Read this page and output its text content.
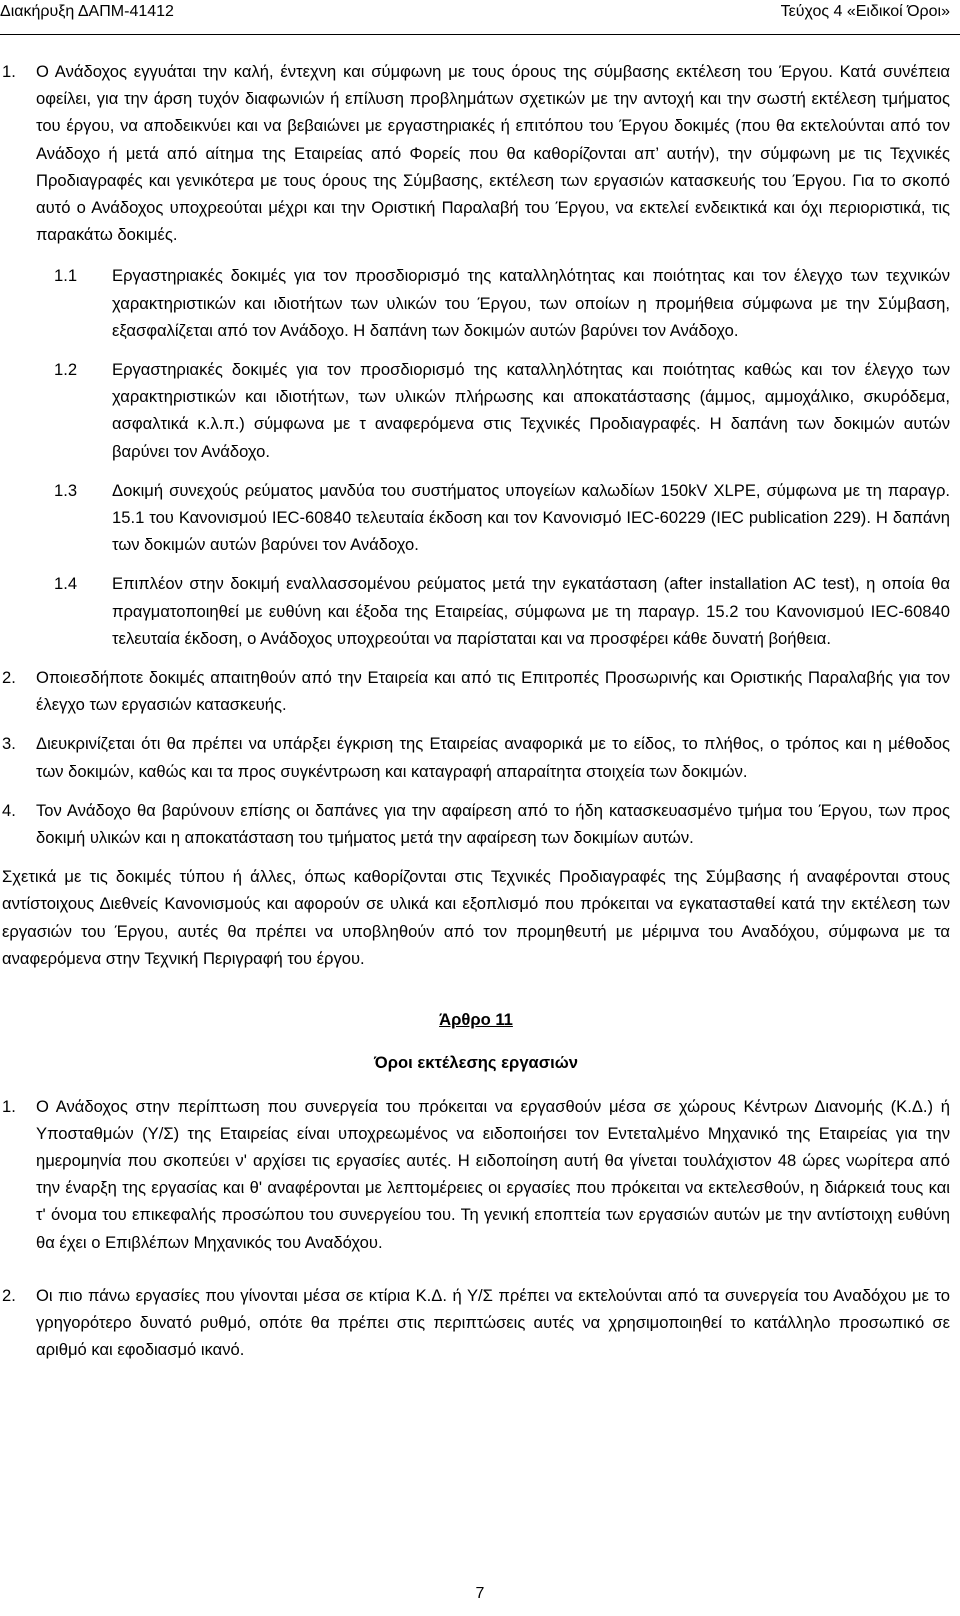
Διακήρυξη ΔΑΠΜ-41412	Τεύχος 4 «Ειδικοί Όροι»
1. Ο Ανάδοχος εγγυάται την καλή, έντεχνη και σύμφωνη με τους όρους της σύμβασης εκτέλεση του Έργου. Κατά συνέπεια οφείλει, για την άρση τυχόν διαφωνιών ή επίλυση προβλημάτων σχετικών με την αντοχή και την σωστή εκτέλεση τμήματος του έργου, να αποδεικνύει και να βεβαιώνει με εργαστηριακές ή επιτόπου του Έργου δοκιμές (που θα εκτελούνται από τον Ανάδοχο ή μετά από αίτημα της Εταιρείας από Φορείς που θα καθορίζονται απ’ αυτήν), την σύμφωνη με τις Τεχνικές Προδιαγραφές και γενικότερα με τους όρους της Σύμβασης, εκτέλεση των εργασιών κατασκευής του Έργου. Για το σκοπό αυτό ο Ανάδοχος υποχρεούται μέχρι και την Οριστική Παραλαβή του Έργου, να εκτελεί ενδεικτικά και όχι περιοριστικά, τις παρακάτω δοκιμές.
1.1 Εργαστηριακές δοκιμές για τον προσδιορισμό της καταλληλότητας και ποιότητας και τον έλεγχο των τεχνικών χαρακτηριστικών και ιδιοτήτων των υλικών του Έργου, των οποίων η προμήθεια σύμφωνα με την Σύμβαση, εξασφαλίζεται από τον Ανάδοχο. Η δαπάνη των δοκιμών αυτών βαρύνει τον Ανάδοχο.
1.2 Εργαστηριακές δοκιμές για τον προσδιορισμό της καταλληλότητας και ποιότητας καθώς και τον έλεγχο των χαρακτηριστικών και ιδιοτήτων, των υλικών πλήρωσης και αποκατάστασης (άμμος, αμμοχάλικο, σκυρόδεμα, ασφαλτικά κ.λ.π.) σύμφωνα με τ αναφερόμενα στις Τεχνικές Προδιαγραφές. Η δαπάνη των δοκιμών αυτών βαρύνει τον Ανάδοχο.
1.3 Δοκιμή συνεχούς ρεύματος μανδύα του συστήματος υπογείων καλωδίων 150kV XLPE, σύμφωνα με τη παραγρ. 15.1 του Κανονισμού IEC-60840 τελευταία έκδοση και τον Κανονισμό IEC-60229 (IEC publication 229). Η δαπάνη των δοκιμών αυτών βαρύνει τον Ανάδοχο.
1.4 Επιπλέον στην δοκιμή εναλλασσομένου ρεύματος μετά την εγκατάσταση (after installation AC test), η οποία θα πραγματοποιηθεί με ευθύνη και έξοδα της Εταιρείας, σύμφωνα με τη παραγρ. 15.2 του Κανονισμού IEC-60840 τελευταία έκδοση, ο Ανάδοχος υποχρεούται να παρίσταται και να προσφέρει κάθε δυνατή βοήθεια.
2. Οποιεσδήποτε δοκιμές απαιτηθούν από την Εταιρεία και από τις Επιτροπές Προσωρινής και Οριστικής Παραλαβής για τον έλεγχο των εργασιών κατασκευής.
3. Διευκρινίζεται ότι θα πρέπει να υπάρξει έγκριση της Εταιρείας αναφορικά με το είδος, το πλήθος, ο τρόπος και η μέθοδος των δοκιμών, καθώς και τα προς συγκέντρωση και καταγραφή απαραίτητα στοιχεία των δοκιμών.
4. Τον Ανάδοχο θα βαρύνουν επίσης οι δαπάνες για την αφαίρεση από το ήδη κατασκευασμένο τμήμα του Έργου, των προς δοκιμή υλικών και η αποκατάσταση του τμήματος μετά την αφαίρεση των δοκιμίων αυτών.
Σχετικά με τις δοκιμές τύπου ή άλλες, όπως καθορίζονται στις Τεχνικές Προδιαγραφές της Σύμβασης ή αναφέρονται στους αντίστοιχους Διεθνείς Κανονισμούς και αφορούν σε υλικά και εξοπλισμό που πρόκειται να εγκατασταθεί κατά την εκτέλεση των εργασιών του Έργου, αυτές θα πρέπει να υποβληθούν από τον προμηθευτή με μέριμνα του Αναδόχου, σύμφωνα με τα αναφερόμενα στην Τεχνική Περιγραφή του έργου.
Άρθρο 11
Όροι εκτέλεσης εργασιών
1. Ο Ανάδοχος στην περίπτωση που συνεργεία του πρόκειται να εργασθούν μέσα σε χώρους Κέντρων Διανομής (Κ.Δ.) ή Υποσταθμών (Υ/Σ) της Εταιρείας είναι υποχρεωμένος να ειδοποιήσει τον Εντεταλμένο Μηχανικό της Εταιρείας για την ημερομηνία που σκοπεύει ν' αρχίσει τις εργασίες αυτές. Η ειδοποίηση αυτή θα γίνεται τουλάχιστον 48 ώρες νωρίτερα από την έναρξη της εργασίας και θ' αναφέρονται με λεπτομέρειες οι εργασίες που πρόκειται να εκτελεσθούν, η διάρκειά τους και τ' όνομα του επικεφαλής προσώπου του συνεργείου του. Τη γενική εποπτεία των εργασιών αυτών με την αντίστοιχη ευθύνη θα έχει ο Επιβλέπων Μηχανικός του Αναδόχου.
2. Οι πιο πάνω εργασίες που γίνονται μέσα σε κτίρια Κ.Δ. ή Υ/Σ πρέπει να εκτελούνται από τα συνεργεία του Αναδόχου με το γρηγορότερο δυνατό ρυθμό, οπότε θα πρέπει στις περιπτώσεις αυτές να χρησιμοποιηθεί το κατάλληλο προσωπικό σε αριθμό και εφοδιασμό ικανό.
7
